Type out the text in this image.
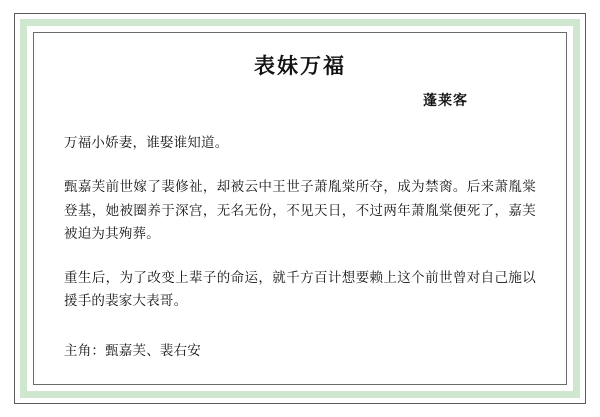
表妹万福
蓬莱客

万福小娇妻，谁娶谁知道。

甄嘉芙前世嫁了裴修祉，却被云中王世子萧胤棠所夺，成为禁脔。后来萧胤棠登基，她被圈养于深宫，无名无份，不见天日，不过两年萧胤棠便死了，嘉芙被迫为其殉葬。

重生后，为了改变上辈子的命运，就千方百计想要赖上这个前世曾对自己施以援手的裴家大表哥。

主角：甄嘉芙、裴右安
